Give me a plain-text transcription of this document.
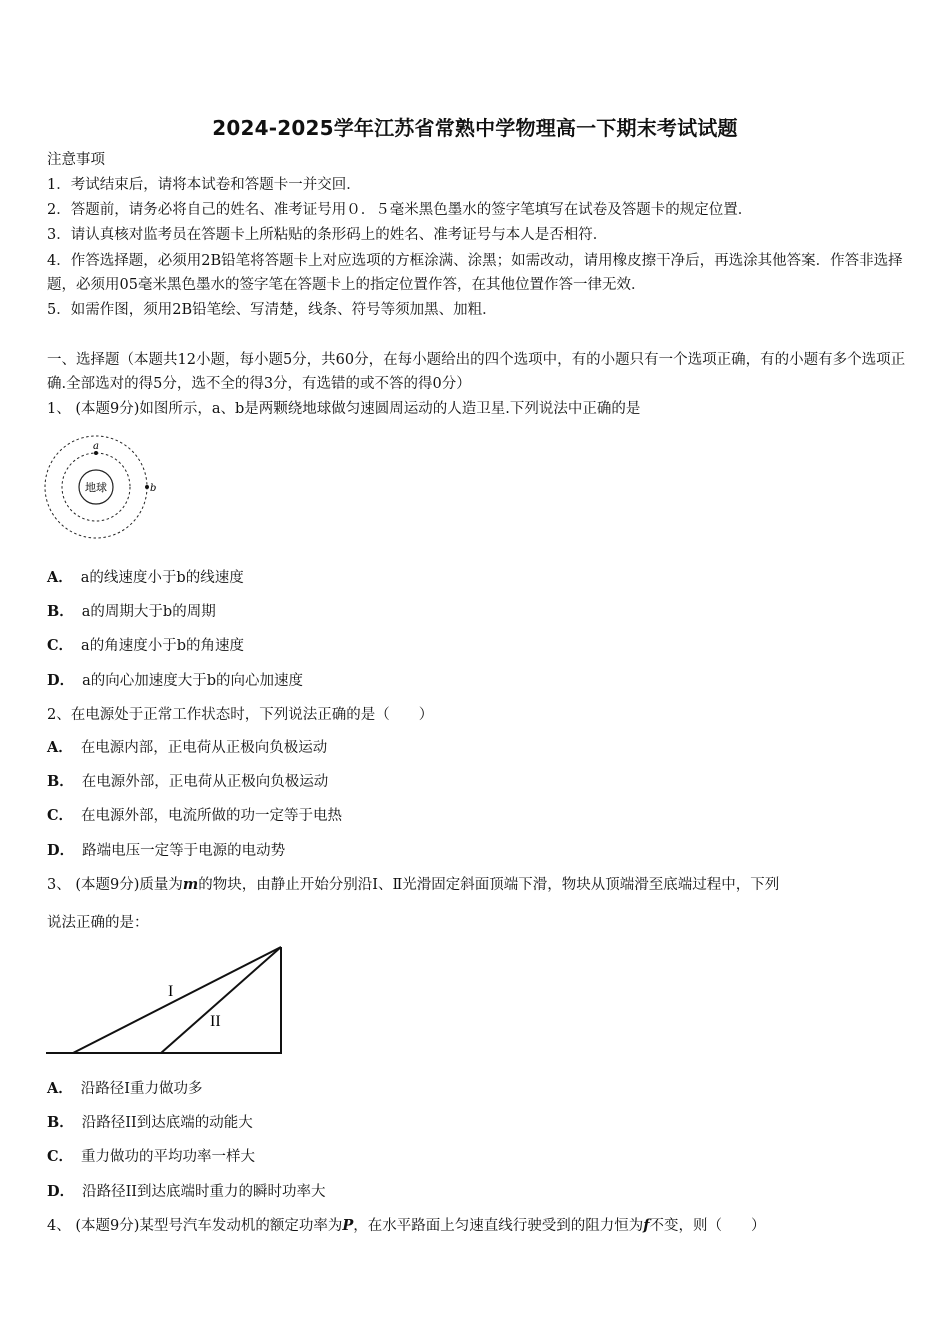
2024-2025学年江苏省常熟中学物理高一下期末考试试题
注意事项
1．考试结束后，请将本试卷和答题卡一并交回．
2．答题前，请务必将自己的姓名、准考证号用０．５毫米黑色墨水的签字笔填写在试卷及答题卡的规定位置．
3．请认真核对监考员在答题卡上所粘贴的条形码上的姓名、准考证号与本人是否相符．
4．作答选择题，必须用2B铅笔将答题卡上对应选项的方框涂满、涂黑；如需改动，请用橡皮擦干净后，再选涂其他答案．作答非选择题，必须用05毫米黑色墨水的签字笔在答题卡上的指定位置作答，在其他位置作答一律无效．
5．如需作图，须用2B铅笔绘、写清楚，线条、符号等须加黑、加粗．
一、选择题（本题共12小题，每小题5分，共60分，在每小题给出的四个选项中，有的小题只有一个选项正确，有的小题有多个选项正确.全部选对的得5分，选不全的得3分，有选错的或不答的得0分）
1、 (本题9分)如图所示，a、b是两颗绕地球做匀速圆周运动的人造卫星.下列说法中正确的是
地球
a
b
A． a的线速度小于b的线速度
B． a的周期大于b的周期
C． a的角速度小于b的角速度
D． a的向心加速度大于b的向心加速度
2、在电源处于正常工作状态时，下列说法正确的是（　　）
A． 在电源内部，正电荷从正极向负极运动
B． 在电源外部，正电荷从正极向负极运动
C． 在电源外部，电流所做的功一定等于电热
D． 路端电压一定等于电源的电动势
3、 (本题9分)质量为m的物块，由静止开始分别沿Ⅰ、Ⅱ光滑固定斜面顶端下滑，物块从顶端滑至底端过程中，下列
说法正确的是：
I
II
A． 沿路径Ⅰ重力做功多
B． 沿路径II到达底端的动能大
C． 重力做功的平均功率一样大
D． 沿路径II到达底端时重力的瞬时功率大
4、 (本题9分)某型号汽车发动机的额定功率为P，在水平路面上匀速直线行驶受到的阻力恒为f不变，则（　　）
